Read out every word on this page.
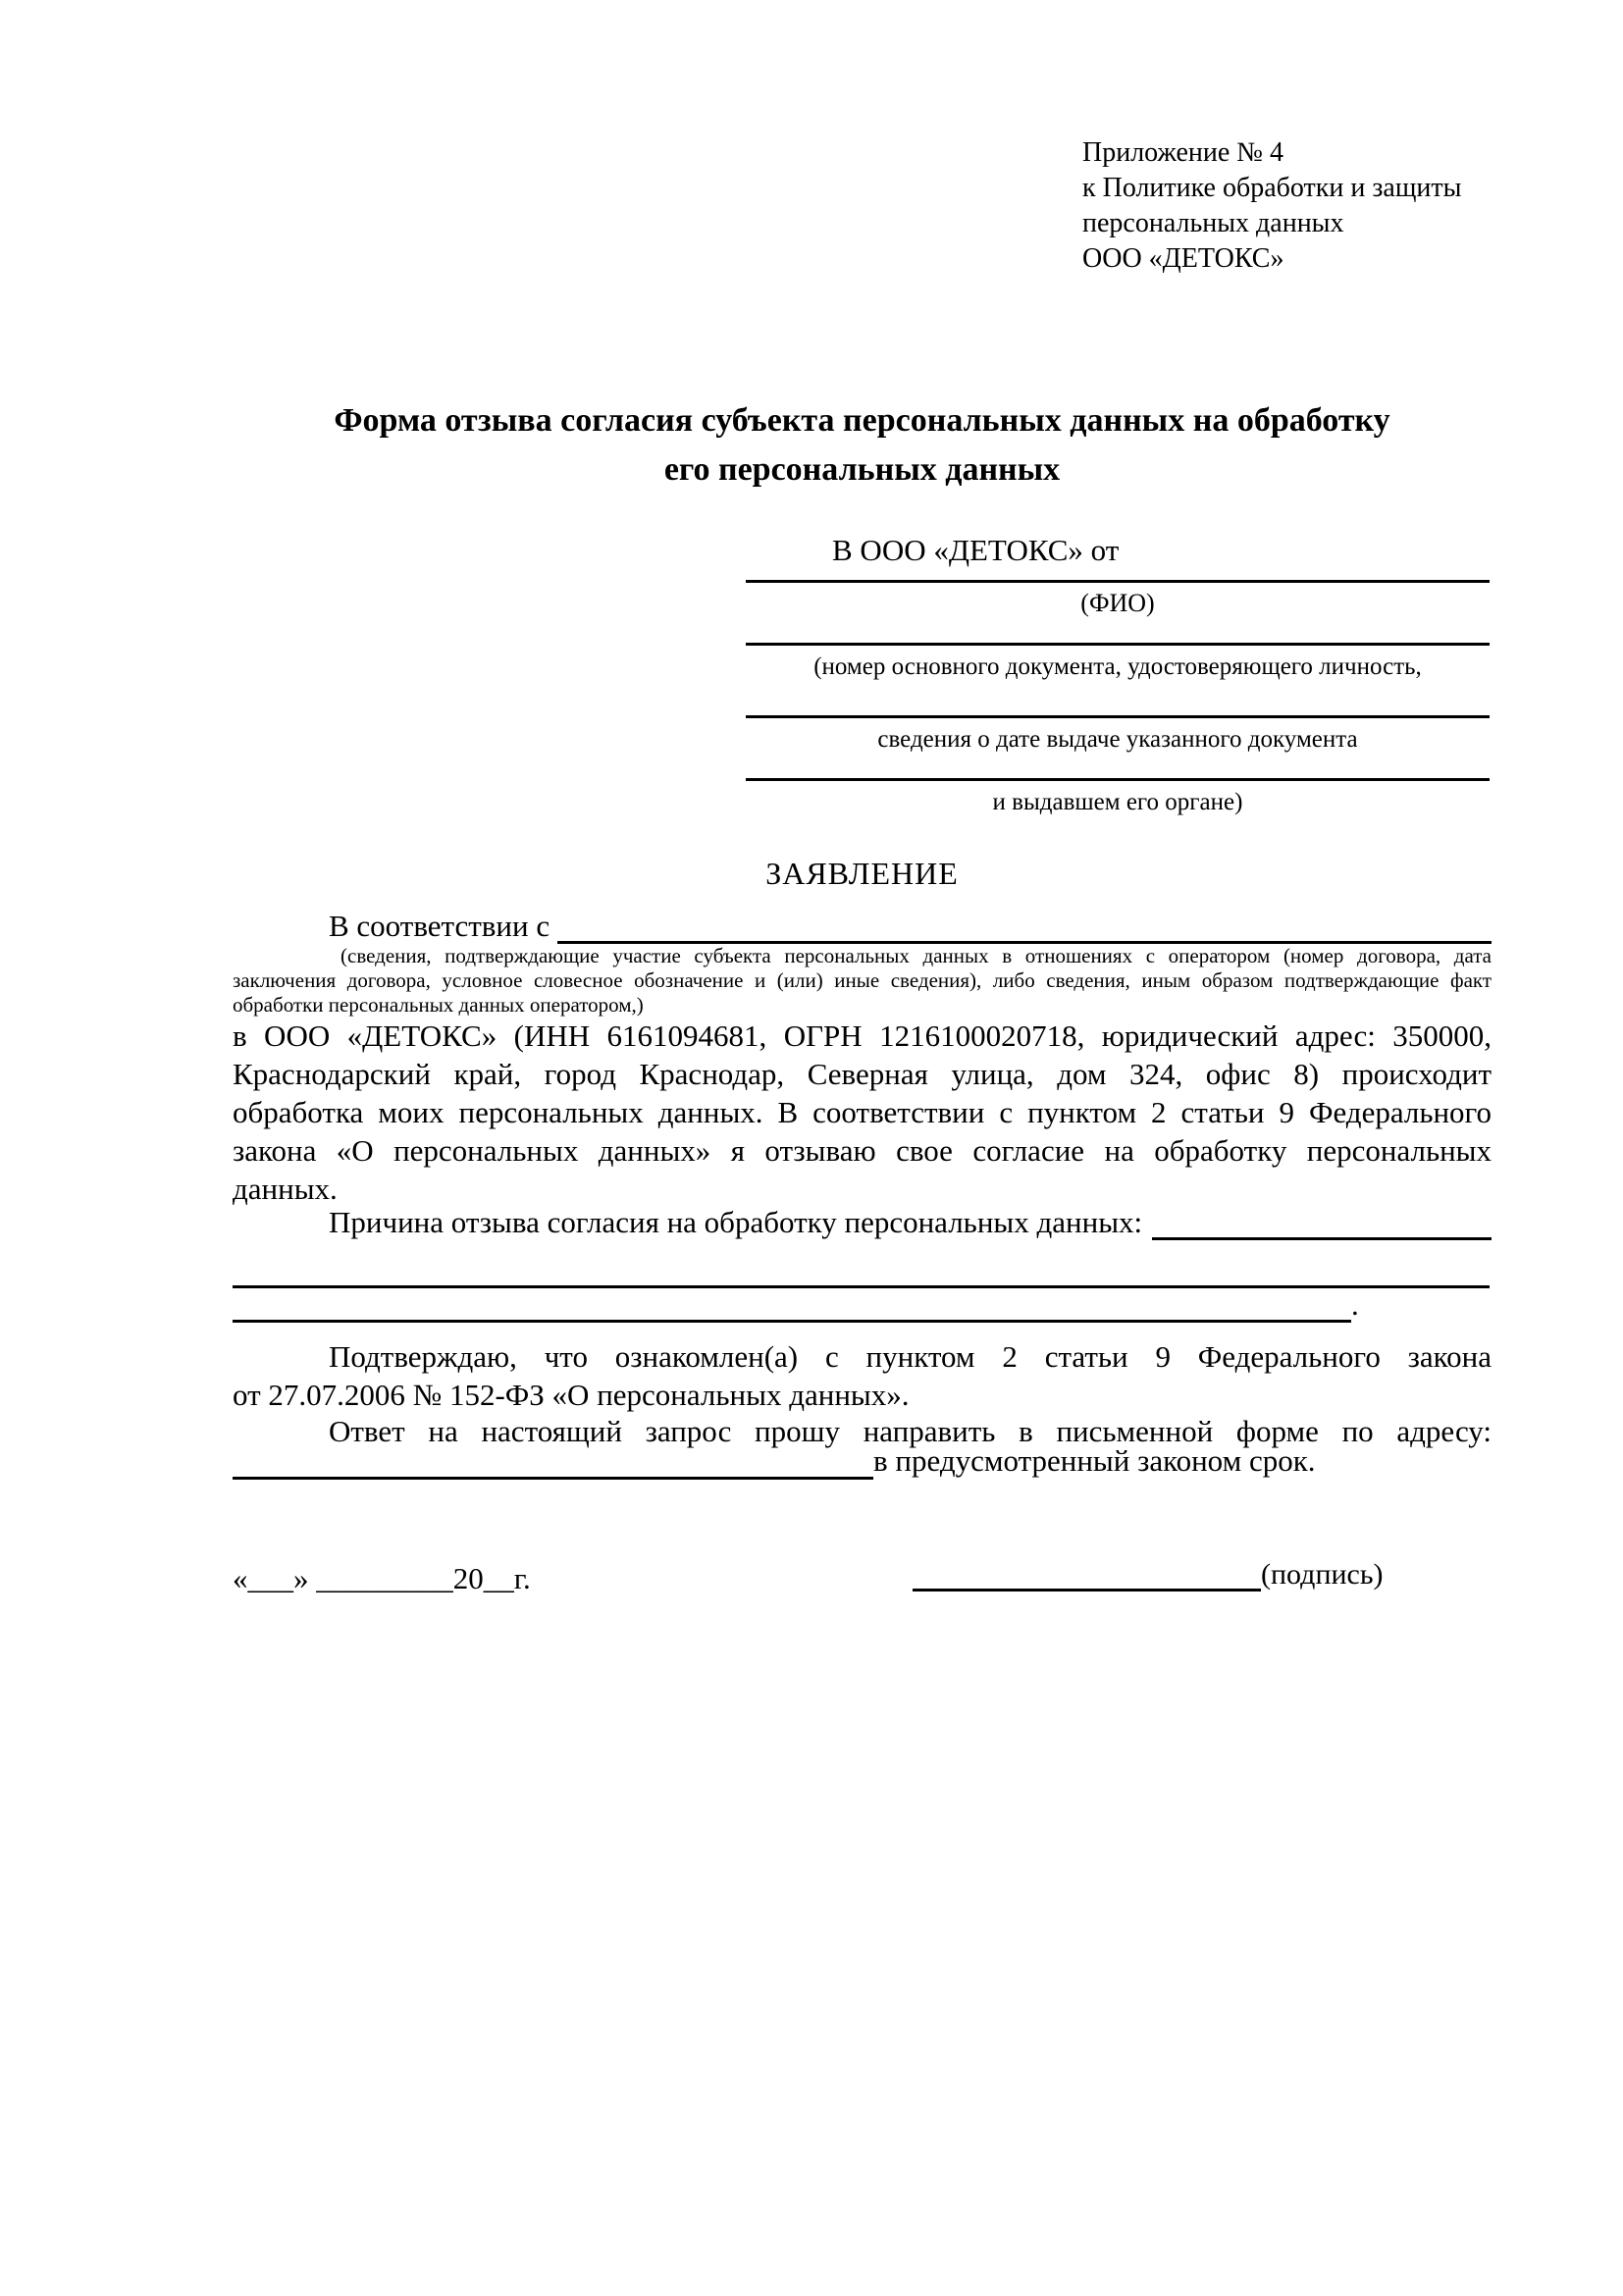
Приложение № 4
к Политике обработки и защиты
персональных данных
ООО «ДЕТОКС»
Форма отзыва согласия субъекта персональных данных на обработку
его персональных данных
В ООО «ДЕТОКС» от
(ФИО)
(номер основного документа, удостоверяющего личность,
сведения о дате выдаче указанного документа
и выдавшем его органе)
ЗАЯВЛЕНИЕ
В соответствии с
(сведения, подтверждающие участие субъекта персональных данных в отношениях с оператором (номер договора, дата
заключения договора, условное словесное обозначение и (или) иные сведения), либо сведения, иным образом подтверждающие факт
обработки персональных данных оператором,)
в ООО «ДЕТОКС» (ИНН 6161094681, ОГРН 1216100020718, юридический адрес: 350000,
Краснодарский край, город Краснодар, Северная улица, дом 324, офис 8) происходит
обработка моих персональных данных. В соответствии с пунктом 2 статьи 9 Федерального
закона «О персональных данных» я отзываю свое согласие на обработку персональных
данных.
Причина отзыва согласия на обработку персональных данных:
.
Подтверждаю, что ознакомлен(а) с пунктом 2 статьи 9 Федерального закона
от 27.07.2006 № 152-ФЗ «О персональных данных».
Ответ на настоящий запрос прошу направить в письменной форме по адресу:
в предусмотренный законом срок.
«___» _________20__г.	(подпись)
